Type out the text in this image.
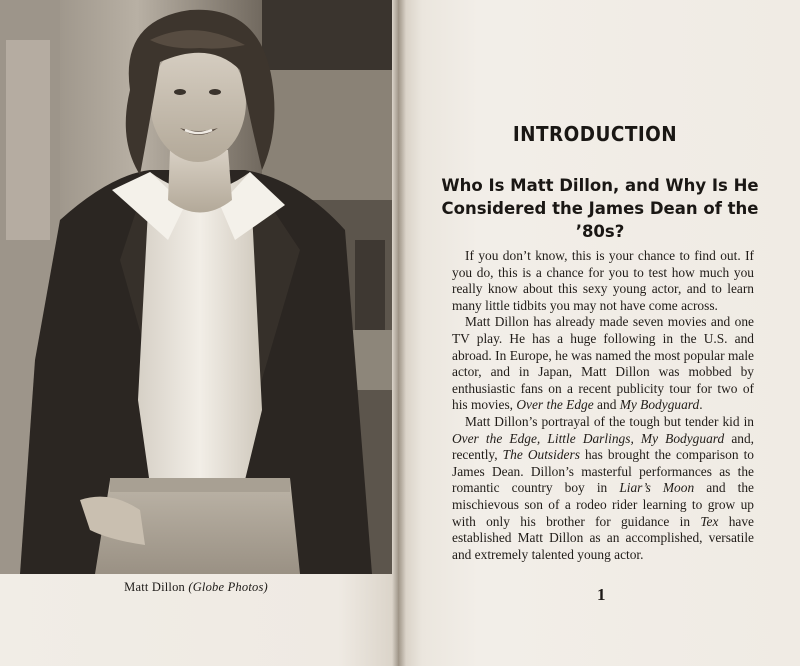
Matt Dillon (Globe Photos)
INTRODUCTION
Who Is Matt Dillon, and Why Is He
Considered the James Dean of the
’80s?

If you don’t know, this is your chance to find out. If you do, this is a chance for you to test how much you really know about this sexy young actor, and to learn many little tidbits you may not have come across.

Matt Dillon has already made seven movies and one TV play. He has a huge following in the U.S. and abroad. In Europe, he was named the most popular male actor, and in Japan, Matt Dillon was mobbed by enthusiastic fans on a recent publicity tour for two of his movies, Over the Edge and My Bodyguard.

Matt Dillon’s portrayal of the tough but tender kid in Over the Edge, Little Darlings, My Bodyguard and, recently, The Outsiders has brought the comparison to James Dean. Dillon’s masterful performances as the romantic country boy in Liar’s Moon and the mischievous son of a rodeo rider learning to grow up with only his brother for guidance in Tex have established Matt Dillon as an accomplished, versatile and extremely talented young actor.

1
